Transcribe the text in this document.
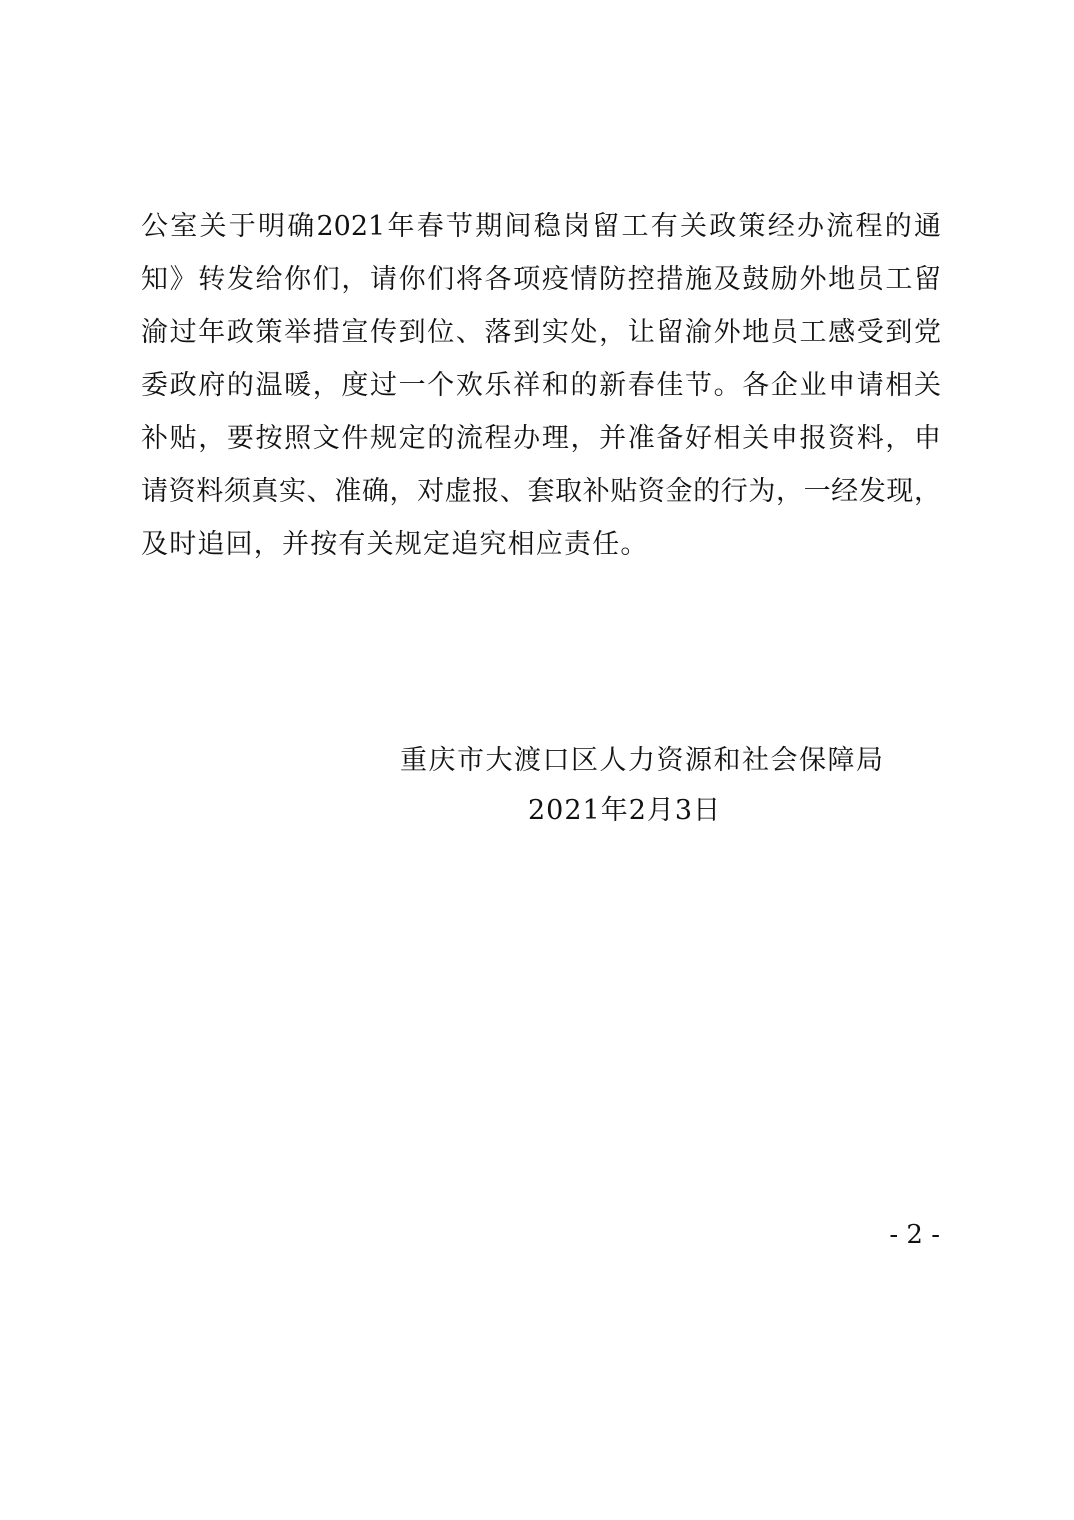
公室关于明确2021年春节期间稳岗留工有关政策经办流程的通
知》转发给你们，请你们将各项疫情防控措施及鼓励外地员工留
渝过年政策举措宣传到位、落到实处，让留渝外地员工感受到党
委政府的温暖，度过一个欢乐祥和的新春佳节。各企业申请相关
补贴，要按照文件规定的流程办理，并准备好相关申报资料，申
请资料须真实、准确，对虚报、套取补贴资金的行为，一经发现，
及时追回，并按有关规定追究相应责任。
重庆市大渡口区人力资源和社会保障局
2021年2月3日
- 2 -
